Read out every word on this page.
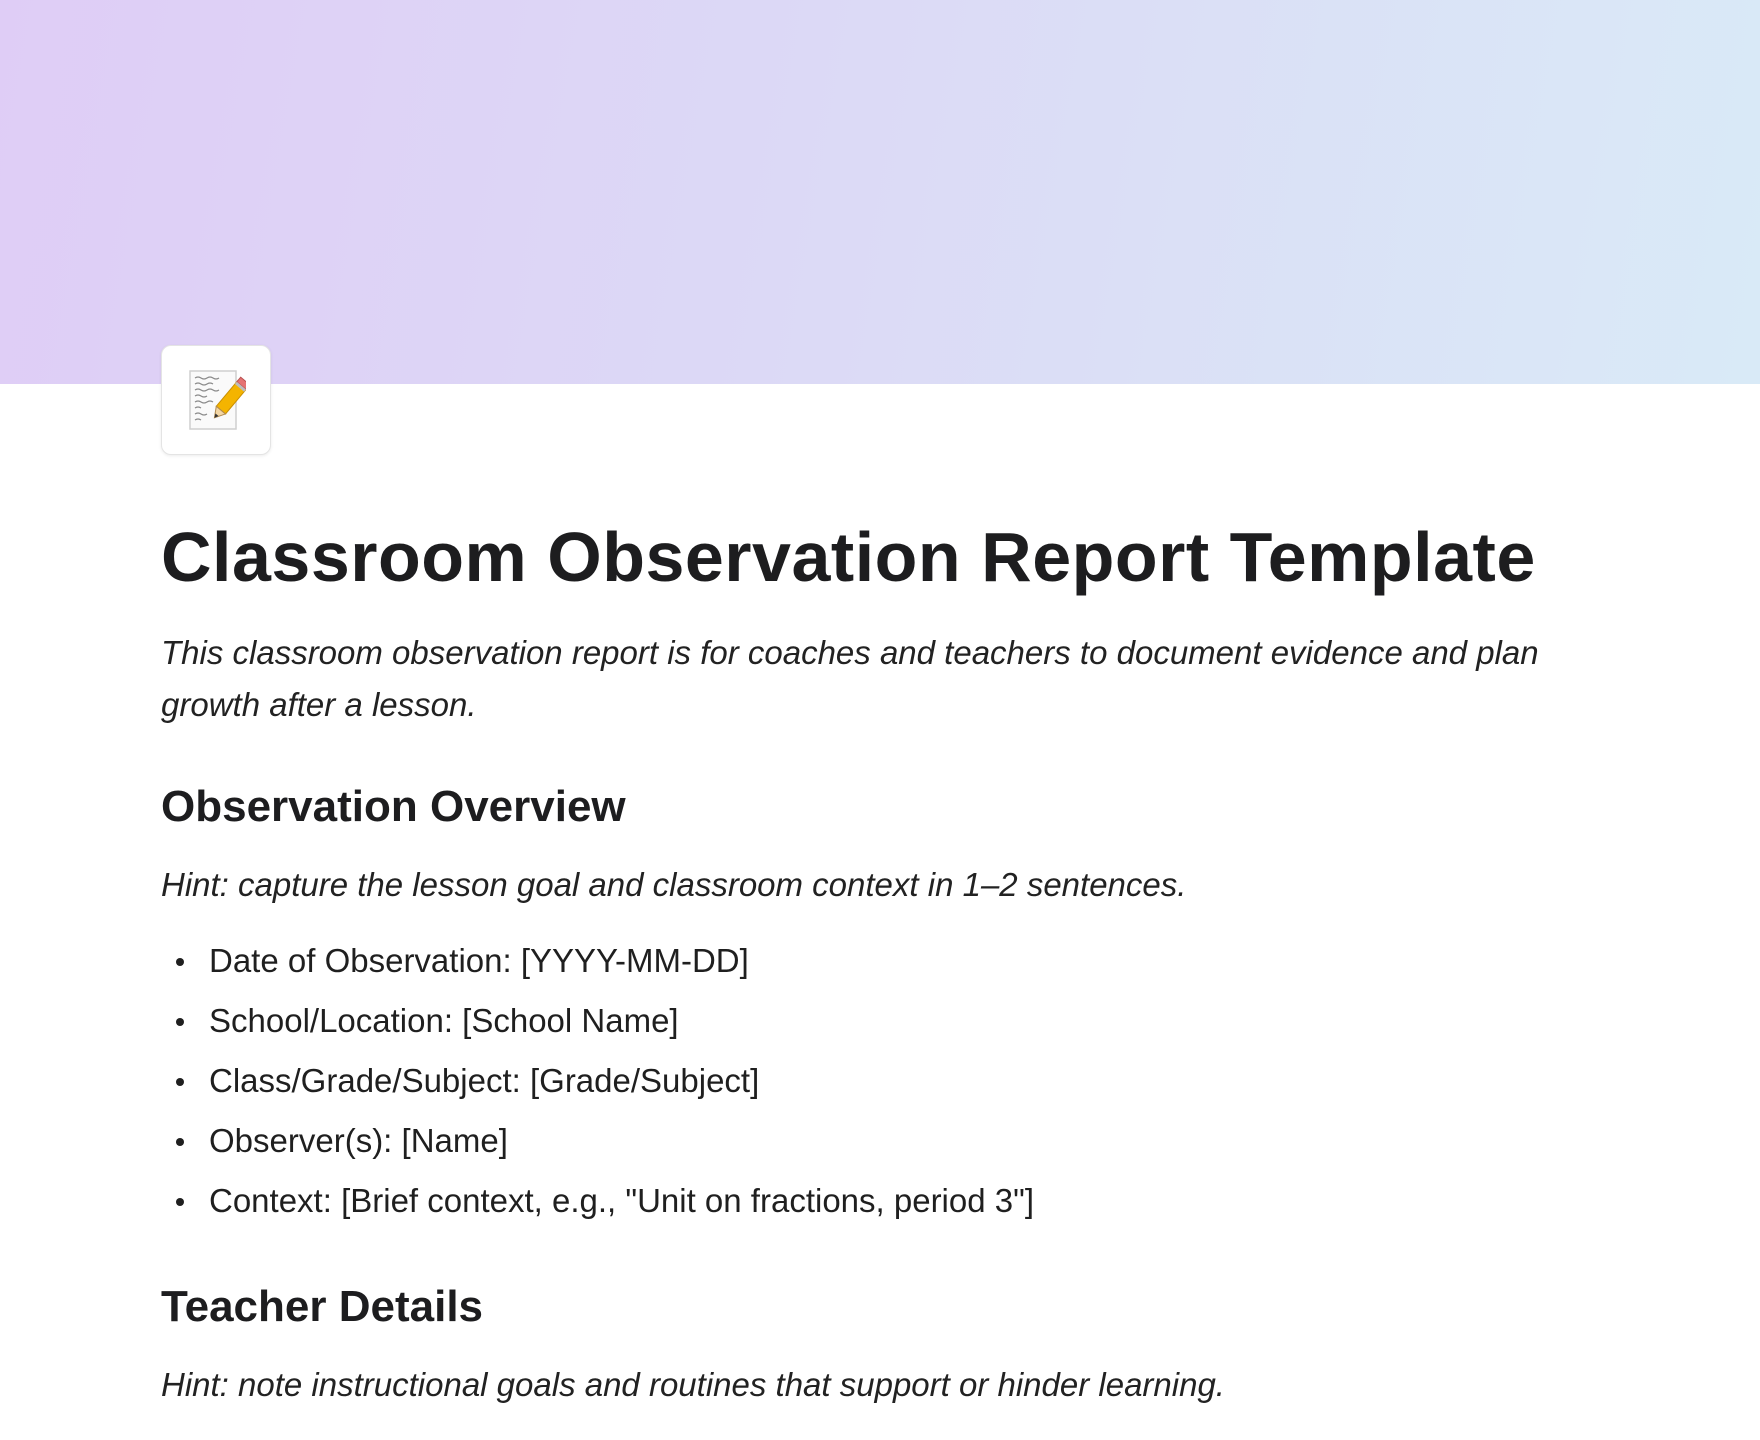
Classroom Observation Report Template

This classroom observation report is for coaches and teachers to document evidence and plan growth after a lesson.

Observation Overview

Hint: capture the lesson goal and classroom context in 1–2 sentences.

Date of Observation: [YYYY-MM-DD]
School/Location: [School Name]
Class/Grade/Subject: [Grade/Subject]
Observer(s): [Name]
Context: [Brief context, e.g., "Unit on fractions, period 3"]
Teacher Details

Hint: note instructional goals and routines that support or hinder learning.
